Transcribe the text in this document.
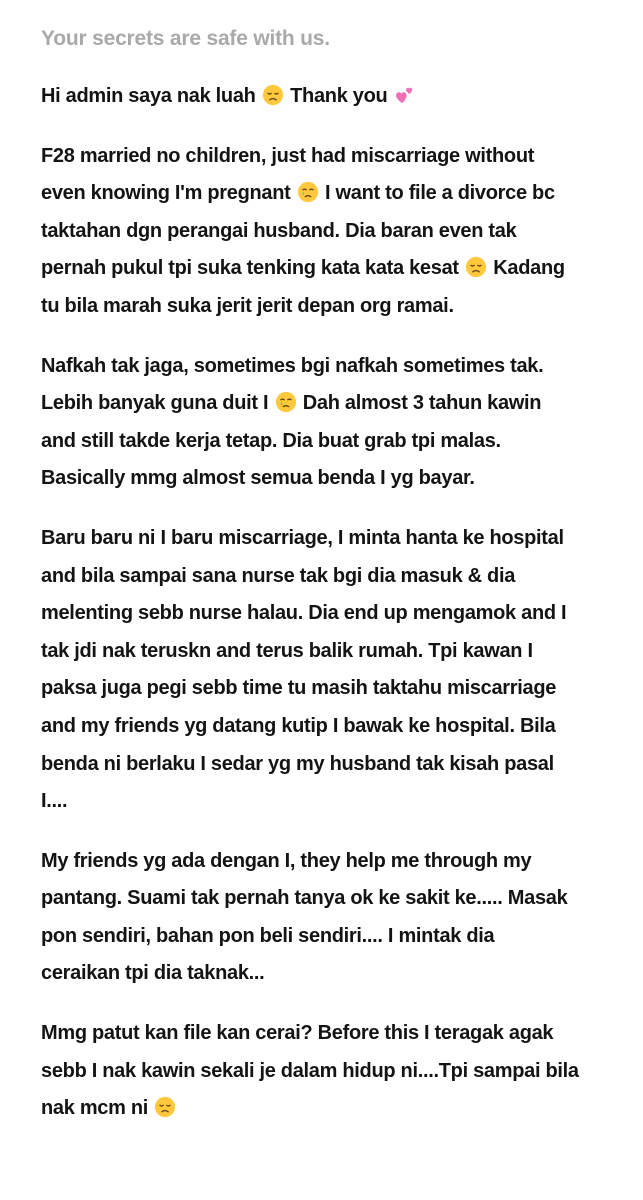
Your secrets are safe with us.
Hi admin saya nak luah
Thank you
F28 married no children, just had miscarriage without
even knowing I'm pregnant
I want to file a divorce bc
taktahan dgn perangai husband. Dia baran even tak
pernah pukul tpi suka tenking kata kata kesat
Kadang
tu bila marah suka jerit jerit depan org ramai.
Nafkah tak jaga, sometimes bgi nafkah sometimes tak.
Lebih banyak guna duit I
Dah almost 3 tahun kawin
and still takde kerja tetap. Dia buat grab tpi malas.
Basically mmg almost semua benda I yg bayar.
Baru baru ni I baru miscarriage, I minta hanta ke hospital
and bila sampai sana nurse tak bgi dia masuk & dia
melenting sebb nurse halau. Dia end up mengamok and I
tak jdi nak teruskn and terus balik rumah. Tpi kawan I
paksa juga pegi sebb time tu masih taktahu miscarriage
and my friends yg datang kutip I bawak ke hospital. Bila
benda ni berlaku I sedar yg my husband tak kisah pasal
I....
My friends yg ada dengan I, they help me through my
pantang. Suami tak pernah tanya ok ke sakit ke..... Masak
pon sendiri, bahan pon beli sendiri.... I mintak dia
ceraikan tpi dia taknak...
Mmg patut kan file kan cerai? Before this I teragak agak
sebb I nak kawin sekali je dalam hidup ni....Tpi sampai bila
nak mcm ni
